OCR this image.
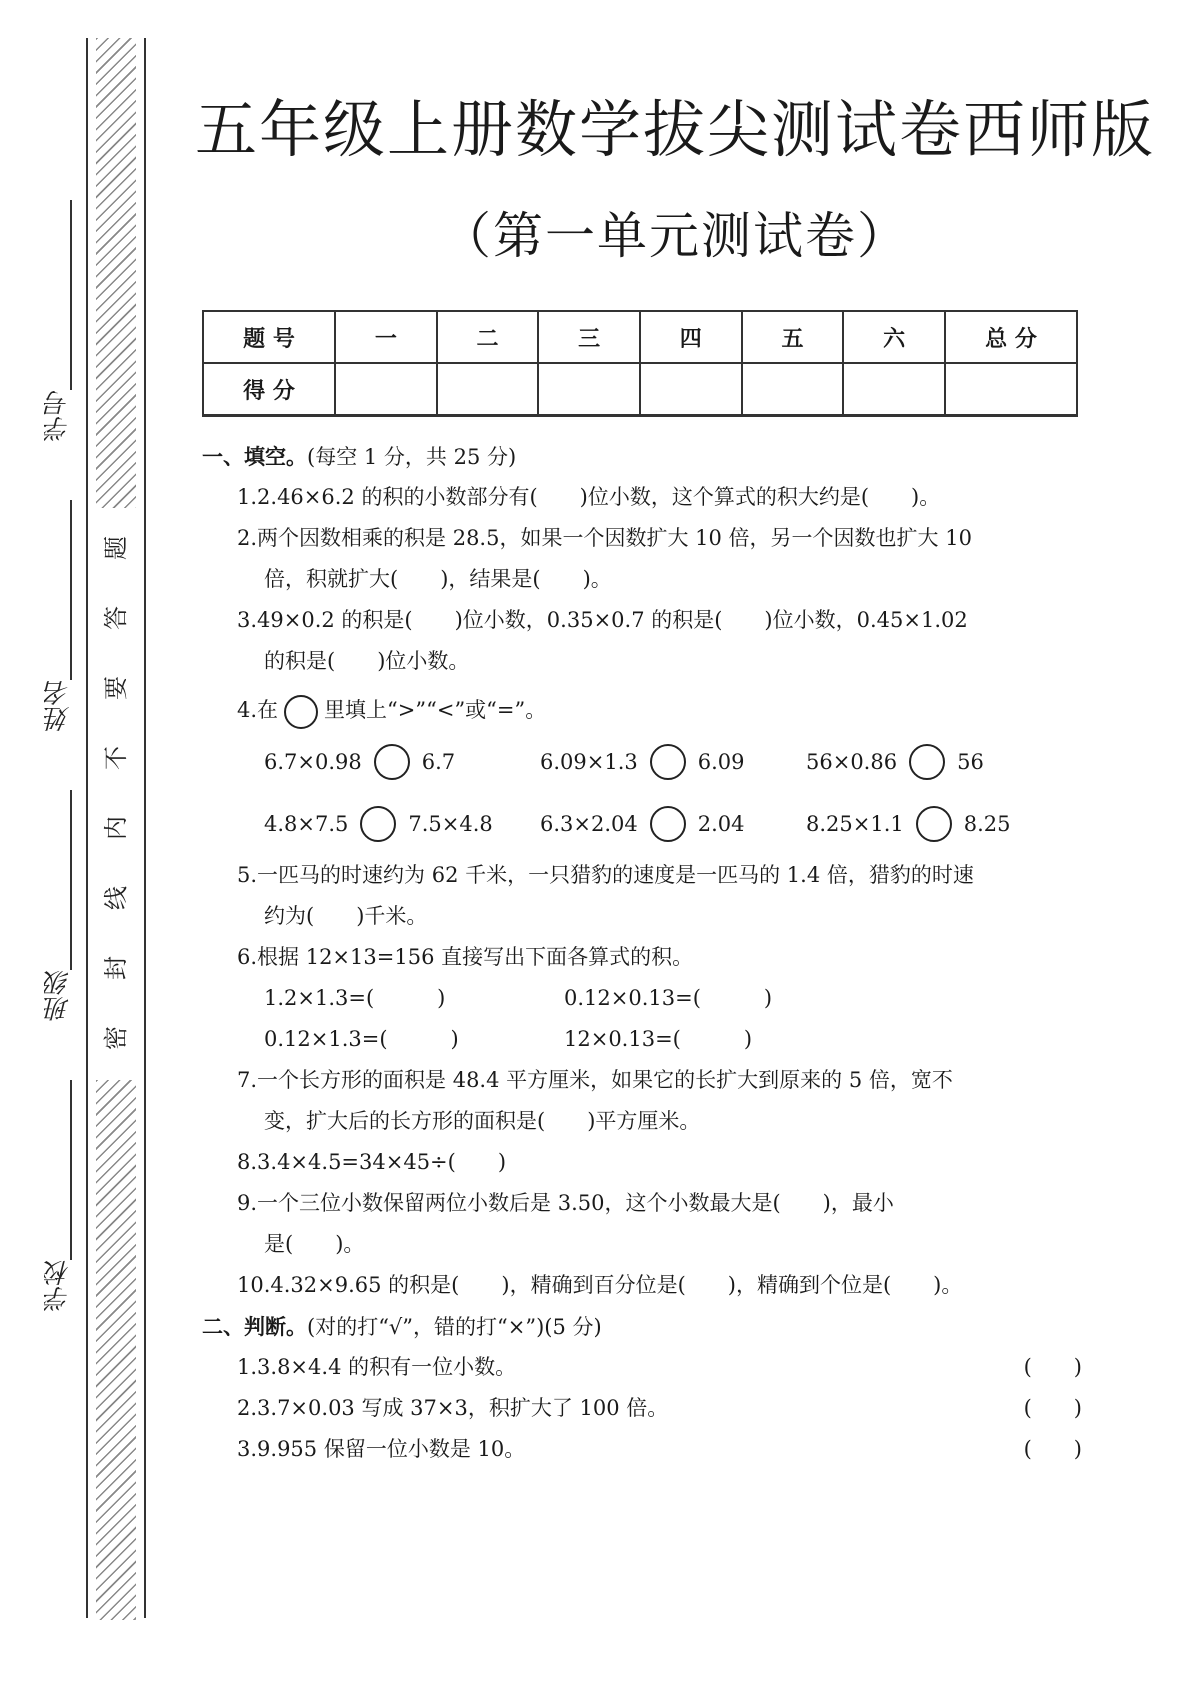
学号
姓名
班级
学校
题
答
要
不
内
线
封
密
五年级上册数学拔尖测试卷西师版
（第一单元测试卷）
题 号	一	二	三	四	五	六	总 分
得 分							
一、填空。(每空 1 分，共 25 分)
1.2.46×6.2 的积的小数部分有(　　)位小数，这个算式的积大约是(　　)。
2.两个因数相乘的积是 28.5，如果一个因数扩大 10 倍，另一个因数也扩大 10
倍，积就扩大(　　)，结果是(　　)。
3.49×0.2 的积是(　　)位小数，0.35×0.7 的积是(　　)位小数，0.45×1.02
的积是(　　)位小数。
4.在 里填上“>”“<”或“=”。
6.7×0.98	6.7	6.09×1.3	6.09	56×0.86	56
4.8×7.5	7.5×4.8 6.3×2.04	2.04	8.25×1.1	8.25
5.一匹马的时速约为 62 千米，一只猎豹的速度是一匹马的 1.4 倍，猎豹的时速
约为(　　)千米。
6.根据 12×13=156 直接写出下面各算式的积。
1.2×1.3=(　　　)	0.12×0.13=(　　　)
0.12×1.3=(　　　)	12×0.13=(　　　)
7.一个长方形的面积是 48.4 平方厘米，如果它的长扩大到原来的 5 倍，宽不
变，扩大后的长方形的面积是(　　)平方厘米。
8.3.4×4.5=34×45÷(　　)
9.一个三位小数保留两位小数后是 3.50，这个小数最大是(　　)，最小
是(　　)。
10.4.32×9.65 的积是(　　)，精确到百分位是(　　)，精确到个位是(　　)。
二、判断。(对的打“√”，错的打“×”)(5 分)
1.3.8×4.4 的积有一位小数。	(　　)
2.3.7×0.03 写成 37×3，积扩大了 100 倍。	(　　)
3.9.955 保留一位小数是 10。	(　　)
